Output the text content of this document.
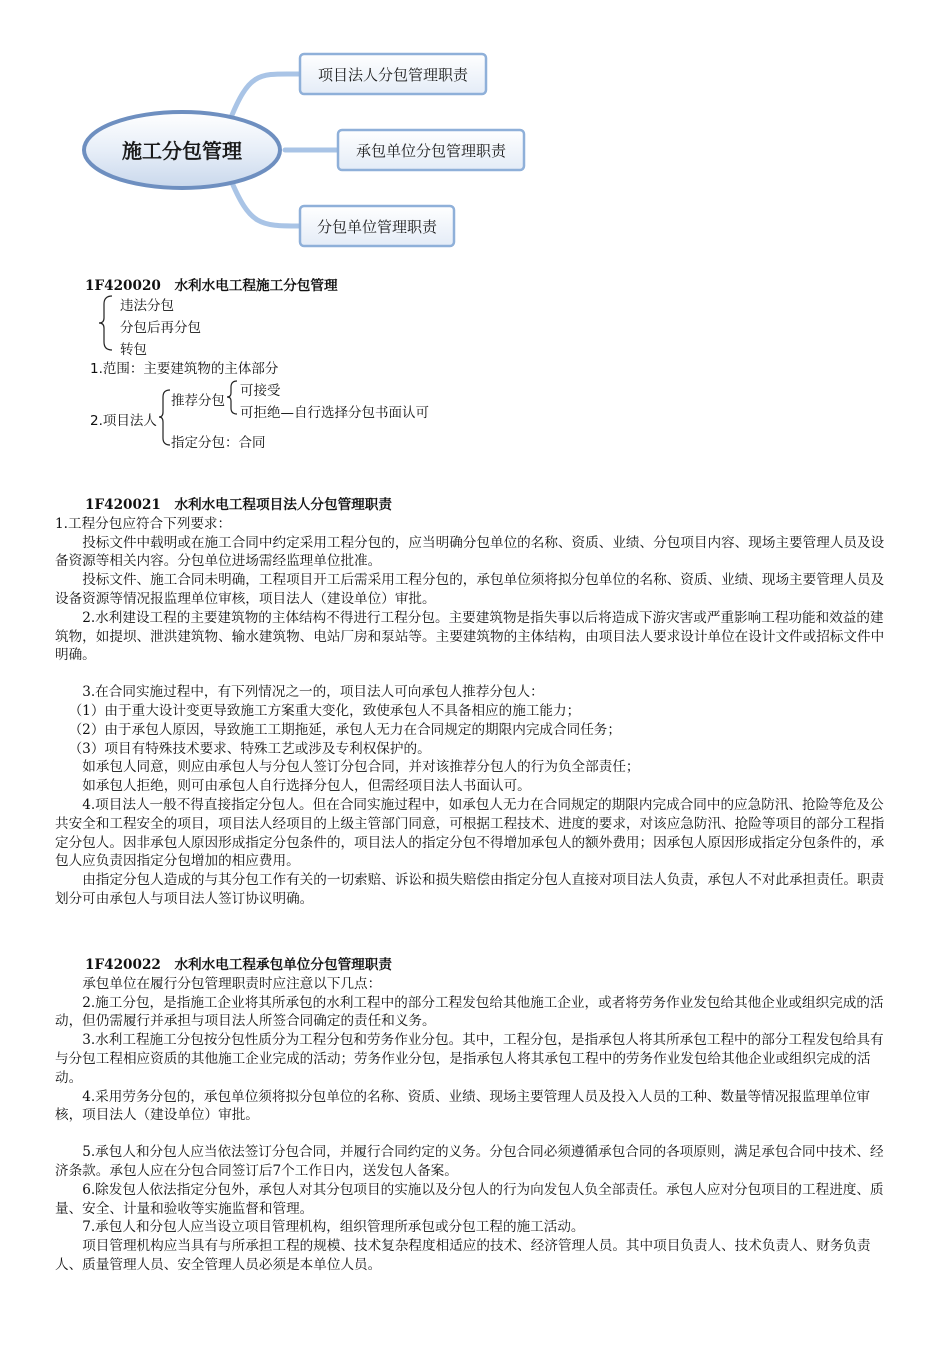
施工分包管理
项目法人分包管理职责
承包单位分包管理职责
分包单位管理职责
1F420020　水利水电工程施工分包管理
违法分包
分包后再分包
转包
1.范围：主要建筑物的主体部分
2.项目法人
推荐分包
可接受
可拒绝—自行选择分包书面认可
指定分包：合同

1F420021　水利水电工程项目法人分包管理职责

1.工程分包应符合下列要求：

投标文件中载明或在施工合同中约定采用工程分包的，应当明确分包单位的名称、资质、业绩、分包项目内容、现场主要管理人员及设备资源等相关内容。分包单位进场需经监理单位批准。

投标文件、施工合同未明确，工程项目开工后需采用工程分包的，承包单位须将拟分包单位的名称、资质、业绩、现场主要管理人员及设备资源等情况报监理单位审核，项目法人（建设单位）审批。

2.水利建设工程的主要建筑物的主体结构不得进行工程分包。主要建筑物是指失事以后将造成下游灾害或严重影响工程功能和效益的建筑物，如提坝、泄洪建筑物、输水建筑物、电站厂房和泵站等。主要建筑物的主体结构，由项目法人要求设计单位在设计文件或招标文件中明确。

3.在合同实施过程中，有下列情况之一的，项目法人可向承包人推荐分包人：

（1）由于重大设计变更导致施工方案重大变化，致使承包人不具备相应的施工能力；

（2）由于承包人原因，导致施工工期拖延，承包人无力在合同规定的期限内完成合同任务；

（3）项目有特殊技术要求、特殊工艺或涉及专利权保护的。

如承包人同意，则应由承包人与分包人签订分包合同，并对该推荐分包人的行为负全部责任；

如承包人拒绝，则可由承包人自行选择分包人，但需经项目法人书面认可。

4.项目法人一般不得直接指定分包人。但在合同实施过程中，如承包人无力在合同规定的期限内完成合同中的应急防汛、抢险等危及公共安全和工程安全的项目，项目法人经项目的上级主管部门同意，可根据工程技术、进度的要求，对该应急防汛、抢险等项目的部分工程指定分包人。因非承包人原因形成指定分包条件的，项目法人的指定分包不得增加承包人的额外费用；因承包人原因形成指定分包条件的，承包人应负责因指定分包增加的相应费用。

由指定分包人造成的与其分包工作有关的一切索赔、诉讼和损失赔偿由指定分包人直接对项目法人负责，承包人不对此承担责任。职责划分可由承包人与项目法人签订协议明确。

1F420022　水利水电工程承包单位分包管理职责

承包单位在履行分包管理职责时应注意以下几点：

2.施工分包，是指施工企业将其所承包的水利工程中的部分工程发包给其他施工企业，或者将劳务作业发包给其他企业或组织完成的活动，但仍需履行并承担与项目法人所签合同确定的责任和义务。

3.水利工程施工分包按分包性质分为工程分包和劳务作业分包。其中，工程分包，是指承包人将其所承包工程中的部分工程发包给具有与分包工程相应资质的其他施工企业完成的活动；劳务作业分包，是指承包人将其承包工程中的劳务作业发包给其他企业或组织完成的活动。

4.采用劳务分包的，承包单位须将拟分包单位的名称、资质、业绩、现场主要管理人员及投入人员的工种、数量等情况报监理单位审核，项目法人（建设单位）审批。

5.承包人和分包人应当依法签订分包合同，并履行合同约定的义务。分包合同必须遵循承包合同的各项原则，满足承包合同中技术、经济条款。承包人应在分包合同签订后7个工作日内，送发包人备案。

6.除发包人依法指定分包外，承包人对其分包项目的实施以及分包人的行为向发包人负全部责任。承包人应对分包项目的工程进度、质量、安全、计量和验收等实施监督和管理。

7.承包人和分包人应当设立项目管理机构，组织管理所承包或分包工程的施工活动。

项目管理机构应当具有与所承担工程的规模、技术复杂程度相适应的技术、经济管理人员。其中项目负责人、技术负责人、财务负责人、质量管理人员、安全管理人员必须是本单位人员。
